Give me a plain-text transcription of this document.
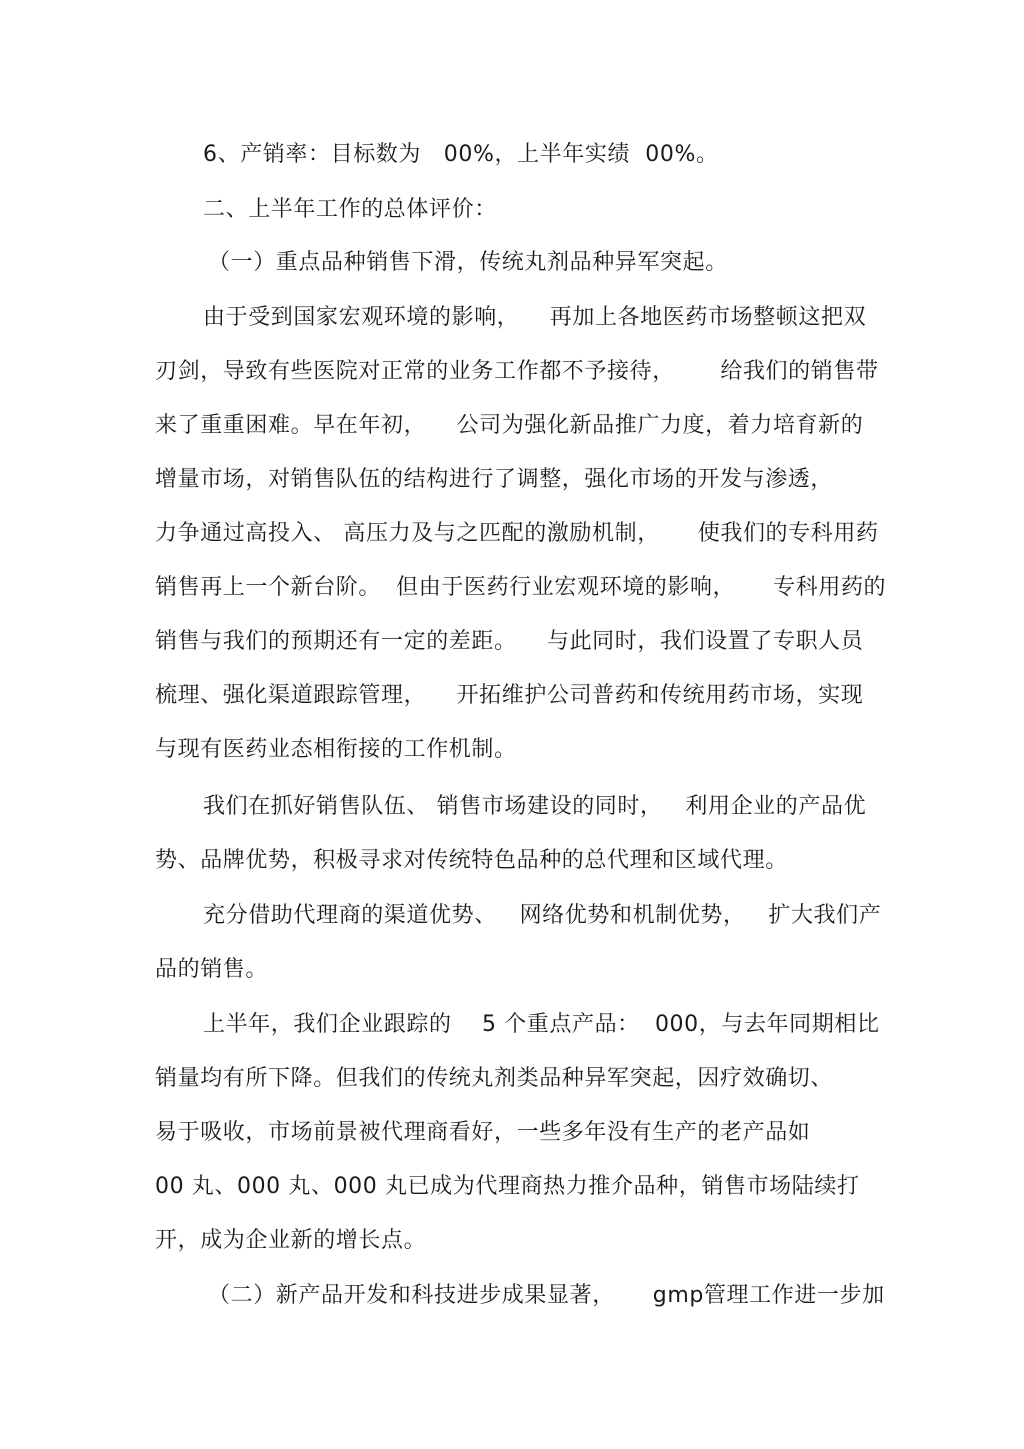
6、产销率：目标数为   00%，上半年实绩  00%。
二、上半年工作的总体评价：
（一）重点品种销售下滑，传统丸剂品种异军突起。
由于受到国家宏观环境的影响，    再加上各地医药市场整顿这把双
刃剑，导致有些医院对正常的业务工作都不予接待，      给我们的销售带
来了重重困难。早在年初，    公司为强化新品推广力度，着力培育新的
增量市场，对销售队伍的结构进行了调整，强化市场的开发与渗透，
力争通过高投入、 高压力及与之匹配的激励机制，     使我们的专科用药
销售再上一个新台阶。  但由于医药行业宏观环境的影响，     专科用药的
销售与我们的预期还有一定的差距。    与此同时，我们设置了专职人员
梳理、强化渠道跟踪管理，    开拓维护公司普药和传统用药市场，实现
与现有医药业态相衔接的工作机制。
我们在抓好销售队伍、 销售市场建设的同时，   利用企业的产品优
势、品牌优势，积极寻求对传统特色品种的总代理和区域代理。
充分借助代理商的渠道优势、   网络优势和机制优势，   扩大我们产
品的销售。
上半年，我们企业跟踪的    5 个重点产品：  000，与去年同期相比
销量均有所下降。但我们的传统丸剂类品种异军突起，因疗效确切、
易于吸收，市场前景被代理商看好，一些多年没有生产的老产品如
00 丸、000 丸、000 丸已成为代理商热力推介品种，销售市场陆续打
开，成为企业新的增长点。
（二）新产品开发和科技进步成果显著，     gmp管理工作进一步加
